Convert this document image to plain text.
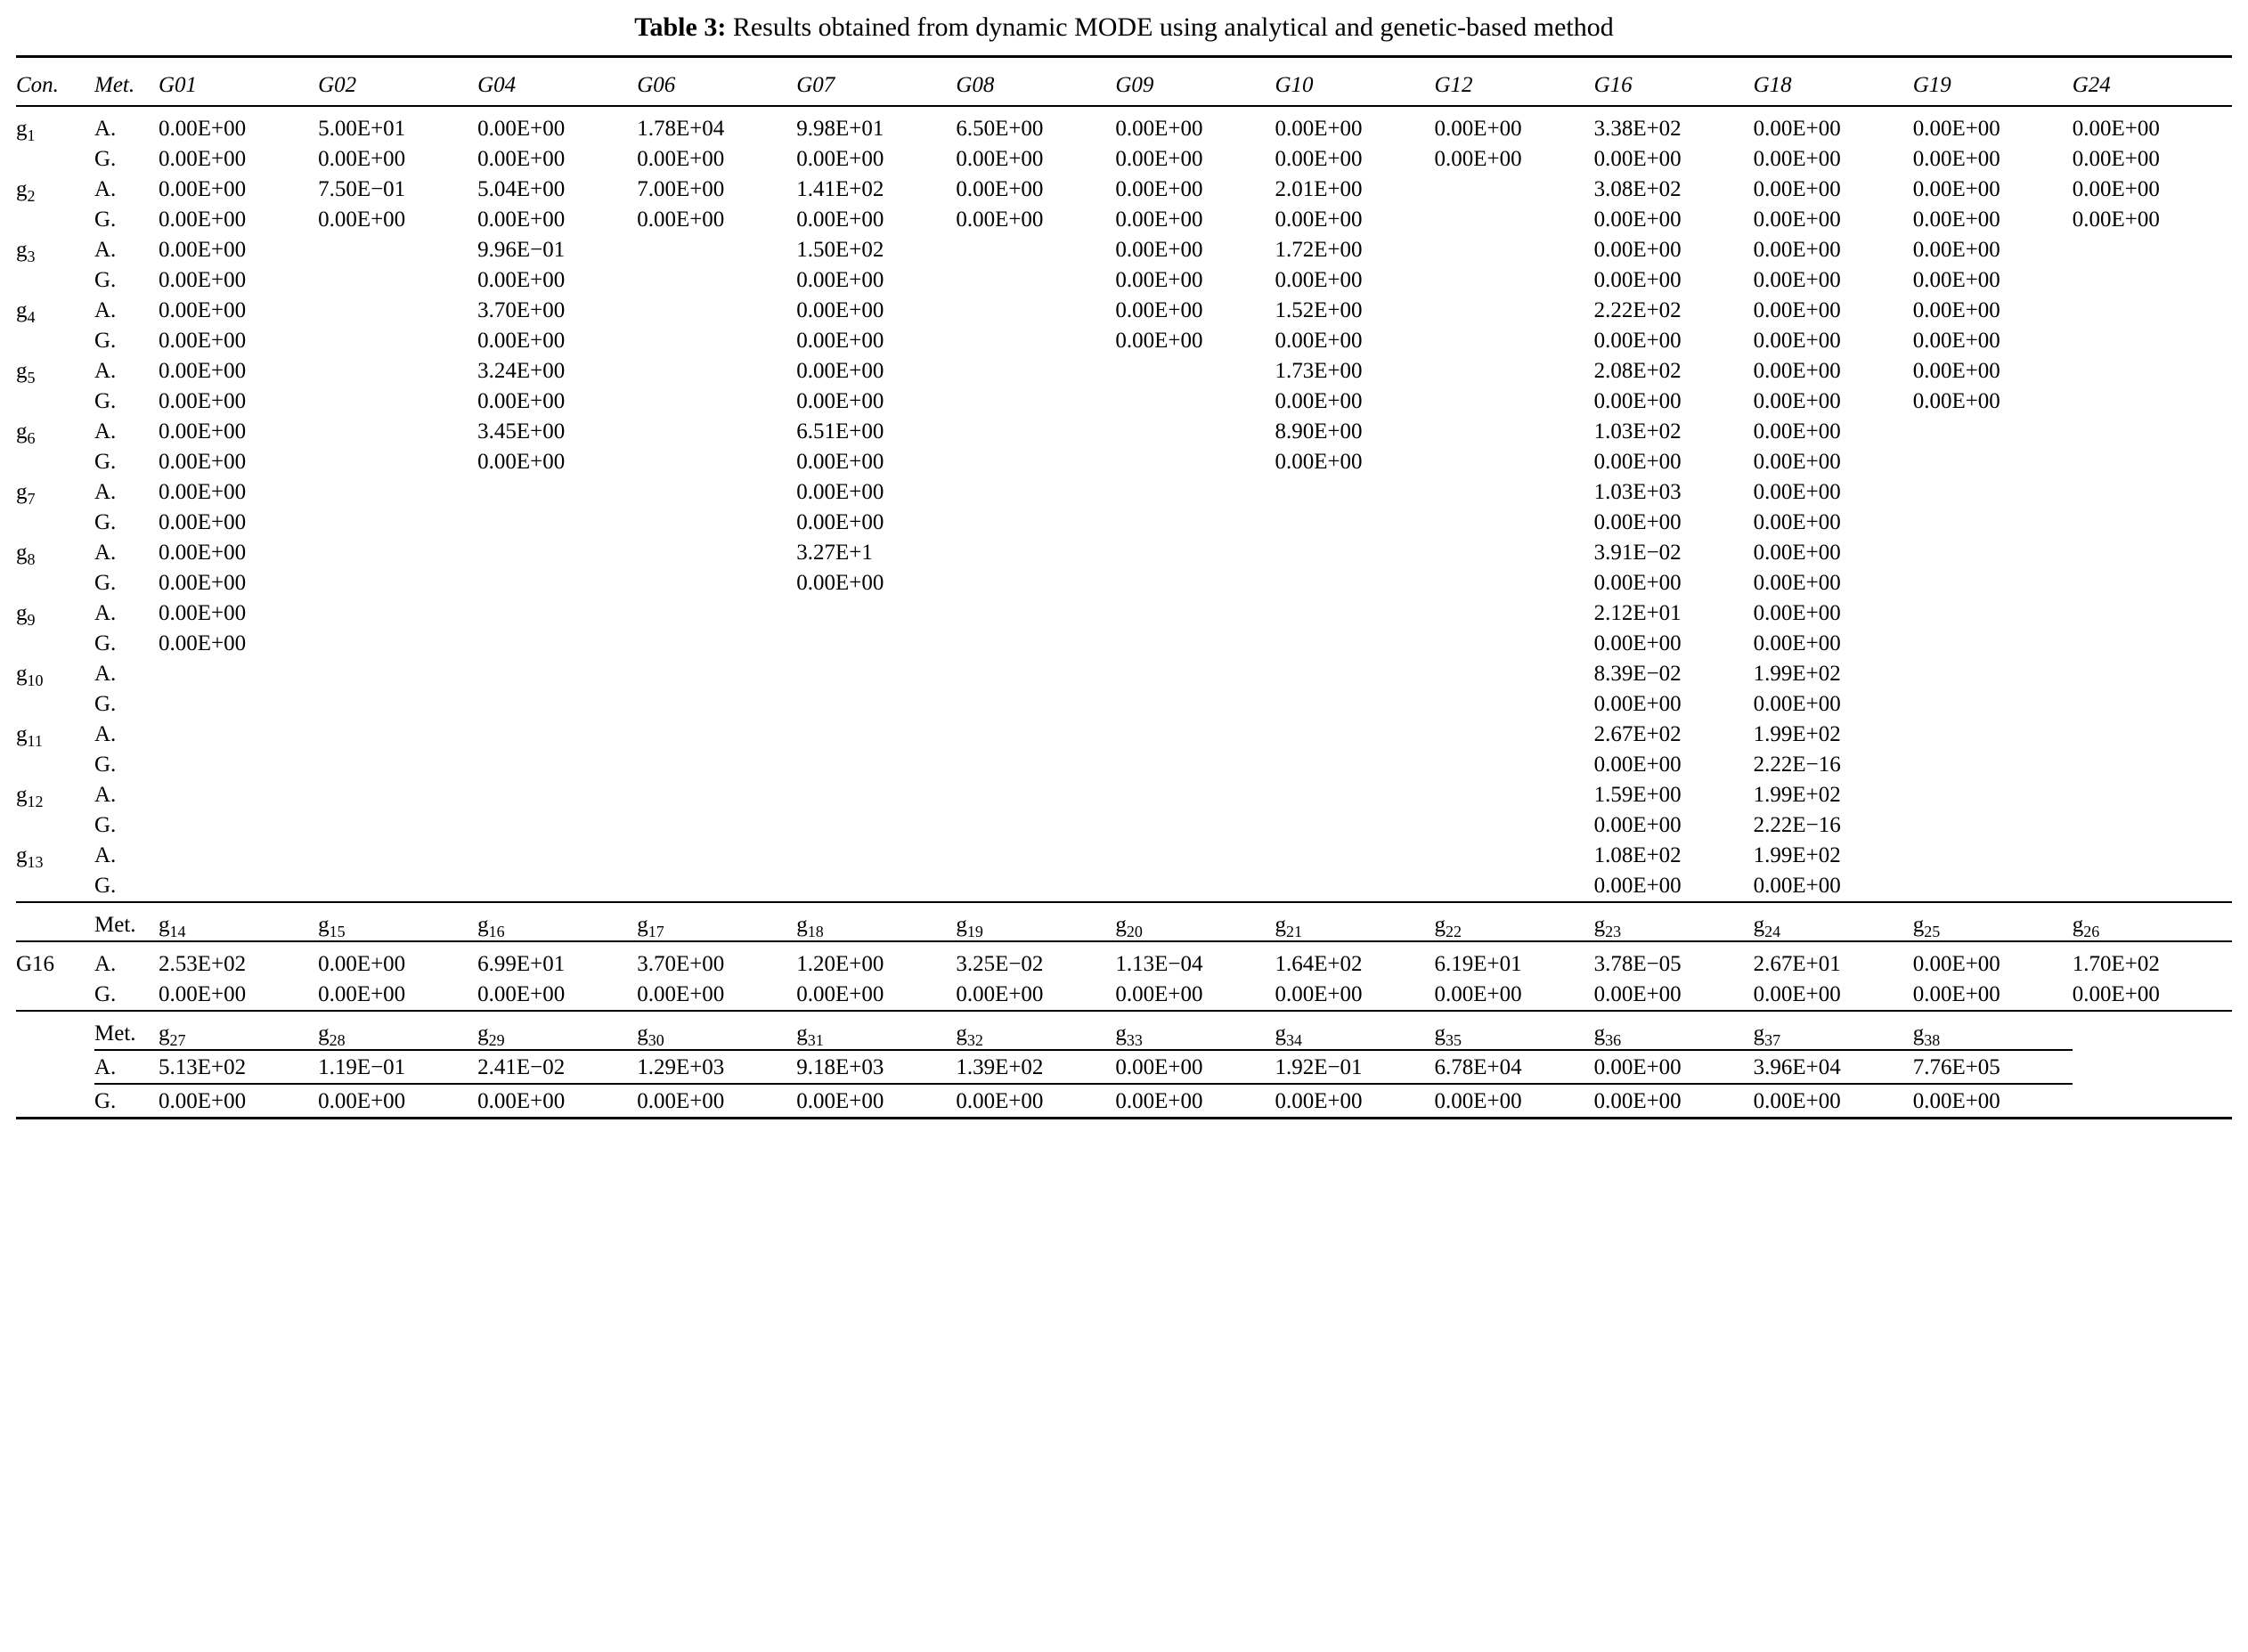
Table 3: Results obtained from dynamic MODE using analytical and genetic-based method

Con.	Met.	G01	G02	G04	G06	G07	G08	G09	G10	G12	G16	G18	G19	G24

$g_1$	A.	0.00E+00	5.00E+01	0.00E+00	1.78E+04	9.98E+01	6.50E+00	0.00E+00	0.00E+00	0.00E+00	3.38E+02	0.00E+00	0.00E+00	0.00E+00
	G.	0.00E+00	0.00E+00	0.00E+00	0.00E+00	0.00E+00	0.00E+00	0.00E+00	0.00E+00	0.00E+00	0.00E+00	0.00E+00	0.00E+00	0.00E+00
$g_2$	A.	0.00E+00	7.50E−01	5.04E+00	7.00E+00	1.41E+02	0.00E+00	0.00E+00	2.01E+00		3.08E+02	0.00E+00	0.00E+00	0.00E+00
	G.	0.00E+00	0.00E+00	0.00E+00	0.00E+00	0.00E+00	0.00E+00	0.00E+00	0.00E+00		0.00E+00	0.00E+00	0.00E+00	0.00E+00
$g_3$	A.	0.00E+00		9.96E−01		1.50E+02		0.00E+00	1.72E+00		0.00E+00	0.00E+00	0.00E+00	
	G.	0.00E+00		0.00E+00		0.00E+00		0.00E+00	0.00E+00		0.00E+00	0.00E+00	0.00E+00	
$g_4$	A.	0.00E+00		3.70E+00		0.00E+00		0.00E+00	1.52E+00		2.22E+02	0.00E+00	0.00E+00	
	G.	0.00E+00		0.00E+00		0.00E+00		0.00E+00	0.00E+00		0.00E+00	0.00E+00	0.00E+00	
$g_5$	A.	0.00E+00		3.24E+00		0.00E+00			1.73E+00		2.08E+02	0.00E+00	0.00E+00	
	G.	0.00E+00		0.00E+00		0.00E+00			0.00E+00		0.00E+00	0.00E+00	0.00E+00	
$g_6$	A.	0.00E+00		3.45E+00		6.51E+00			8.90E+00		1.03E+02	0.00E+00		
	G.	0.00E+00		0.00E+00		0.00E+00			0.00E+00		0.00E+00	0.00E+00		
$g_7$	A.	0.00E+00				0.00E+00					1.03E+03	0.00E+00		
	G.	0.00E+00				0.00E+00					0.00E+00	0.00E+00		
$g_8$	A.	0.00E+00				3.27E+1					3.91E−02	0.00E+00		
	G.	0.00E+00				0.00E+00					0.00E+00	0.00E+00		
$g_9$	A.	0.00E+00									2.12E+01	0.00E+00		
	G.	0.00E+00									0.00E+00	0.00E+00		
$g_{10}$	A.										8.39E−02	1.99E+02		
	G.										0.00E+00	0.00E+00		
$g_{11}$	A.										2.67E+02	1.99E+02		
	G.										0.00E+00	2.22E−16		
$g_{12}$	A.										1.59E+00	1.99E+02		
	G.										0.00E+00	2.22E−16		
$g_{13}$	A.										1.08E+02	1.99E+02		
	G.										0.00E+00	0.00E+00		

	Met.	$g_{14}$	$g_{15}$	$g_{16}$	$g_{17}$	$g_{18}$	$g_{19}$	$g_{20}$	$g_{21}$	$g_{22}$	$g_{23}$	$g_{24}$	$g_{25}$	$g_{26}$

G16	A.	2.53E+02	0.00E+00	6.99E+01	3.70E+00	1.20E+00	3.25E−02	1.13E−04	1.64E+02	6.19E+01	3.78E−05	2.67E+01	0.00E+00	1.70E+02
	G.	0.00E+00	0.00E+00	0.00E+00	0.00E+00	0.00E+00	0.00E+00	0.00E+00	0.00E+00	0.00E+00	0.00E+00	0.00E+00	0.00E+00	0.00E+00

	Met.	$g_{27}$	$g_{28}$	$g_{29}$	$g_{30}$	$g_{31}$	$g_{32}$	$g_{33}$	$g_{34}$	$g_{35}$	$g_{36}$	$g_{37}$	$g_{38}$	

	A.	5.13E+02	1.19E−01	2.41E−02	1.29E+03	9.18E+03	1.39E+02	0.00E+00	1.92E−01	6.78E+04	0.00E+00	3.96E+04	7.76E+05	

	G.	0.00E+00	0.00E+00	0.00E+00	0.00E+00	0.00E+00	0.00E+00	0.00E+00	0.00E+00	0.00E+00	0.00E+00	0.00E+00	0.00E+00	
